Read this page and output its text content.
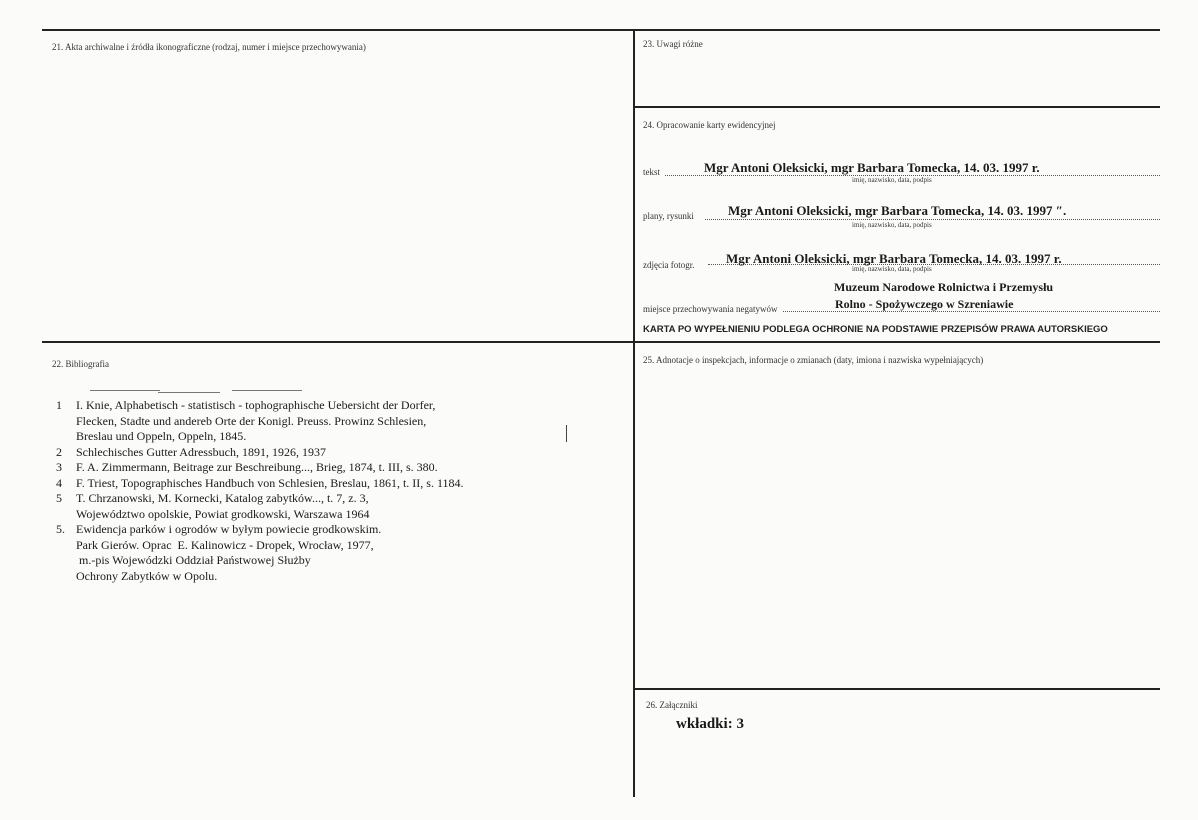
21. Akta archiwalne i źródła ikonograficzne (rodzaj, numer i miejsce przechowywania)	23. Uwagi różne
24. Opracowanie karty ewidencyjnej
22. Bibliografia	25. Adnotacje o inspekcjach, informacje o zmianach (daty, imiona i nazwiska wypełniających)
26. Załączniki
tekst	Mgr Antoni Oleksicki, mgr Barbara Tomecka, 14. 03. 1997 r.
imię, nazwisko, data, podpis
plany, rysunki	Mgr Antoni Oleksicki, mgr Barbara Tomecka, 14. 03. 1997 ″.
imię, nazwisko, data, podpis
zdjęcia fotogr. Mgr Antoni Oleksicki, mgr Barbara Tomecka, 14. 03. 1997 r.
imię, nazwisko, data, podpis
Muzeum Narodowe Rolnictwa i Przemysłu
miejsce przechowywania negatywów	Rolno - Spożywczego w Szreniawie
KARTA PO WYPEŁNIENIU PODLEGA OCHRONIE NA PODSTAWIE PRZEPISÓW PRAWA AUTORSKIEGO
1	I. Knie, Alphabetisch - statistisch - tophographische Uebersicht der Dorfer,
Flecken, Stadte und andereb Orte der Konigl. Preuss. Prowinz Schlesien,
Breslau und Oppeln, Oppeln, 1845.
2	Schlechisches Gutter Adressbuch, 1891, 1926, 1937
3	F. A. Zimmermann, Beitrage zur Beschreibung..., Brieg, 1874, t. III, s. 380.
4	F. Triest, Topographisches Handbuch von Schlesien, Breslau, 1861, t. II, s. 1184.
5	T. Chrzanowski, M. Kornecki, Katalog zabytków..., t. 7, z. 3,
Województwo opolskie, Powiat grodkowski, Warszawa 1964
5. Ewidencja parków i ogrodów w byłym powiecie grodkowskim.
Park Gierów. Oprac  E. Kalinowicz - Dropek, Wrocław, 1977,
m.-pis Wojewódzki Oddział Państwowej Służby
Ochrony Zabytków w Opolu.
wkładki: 3
